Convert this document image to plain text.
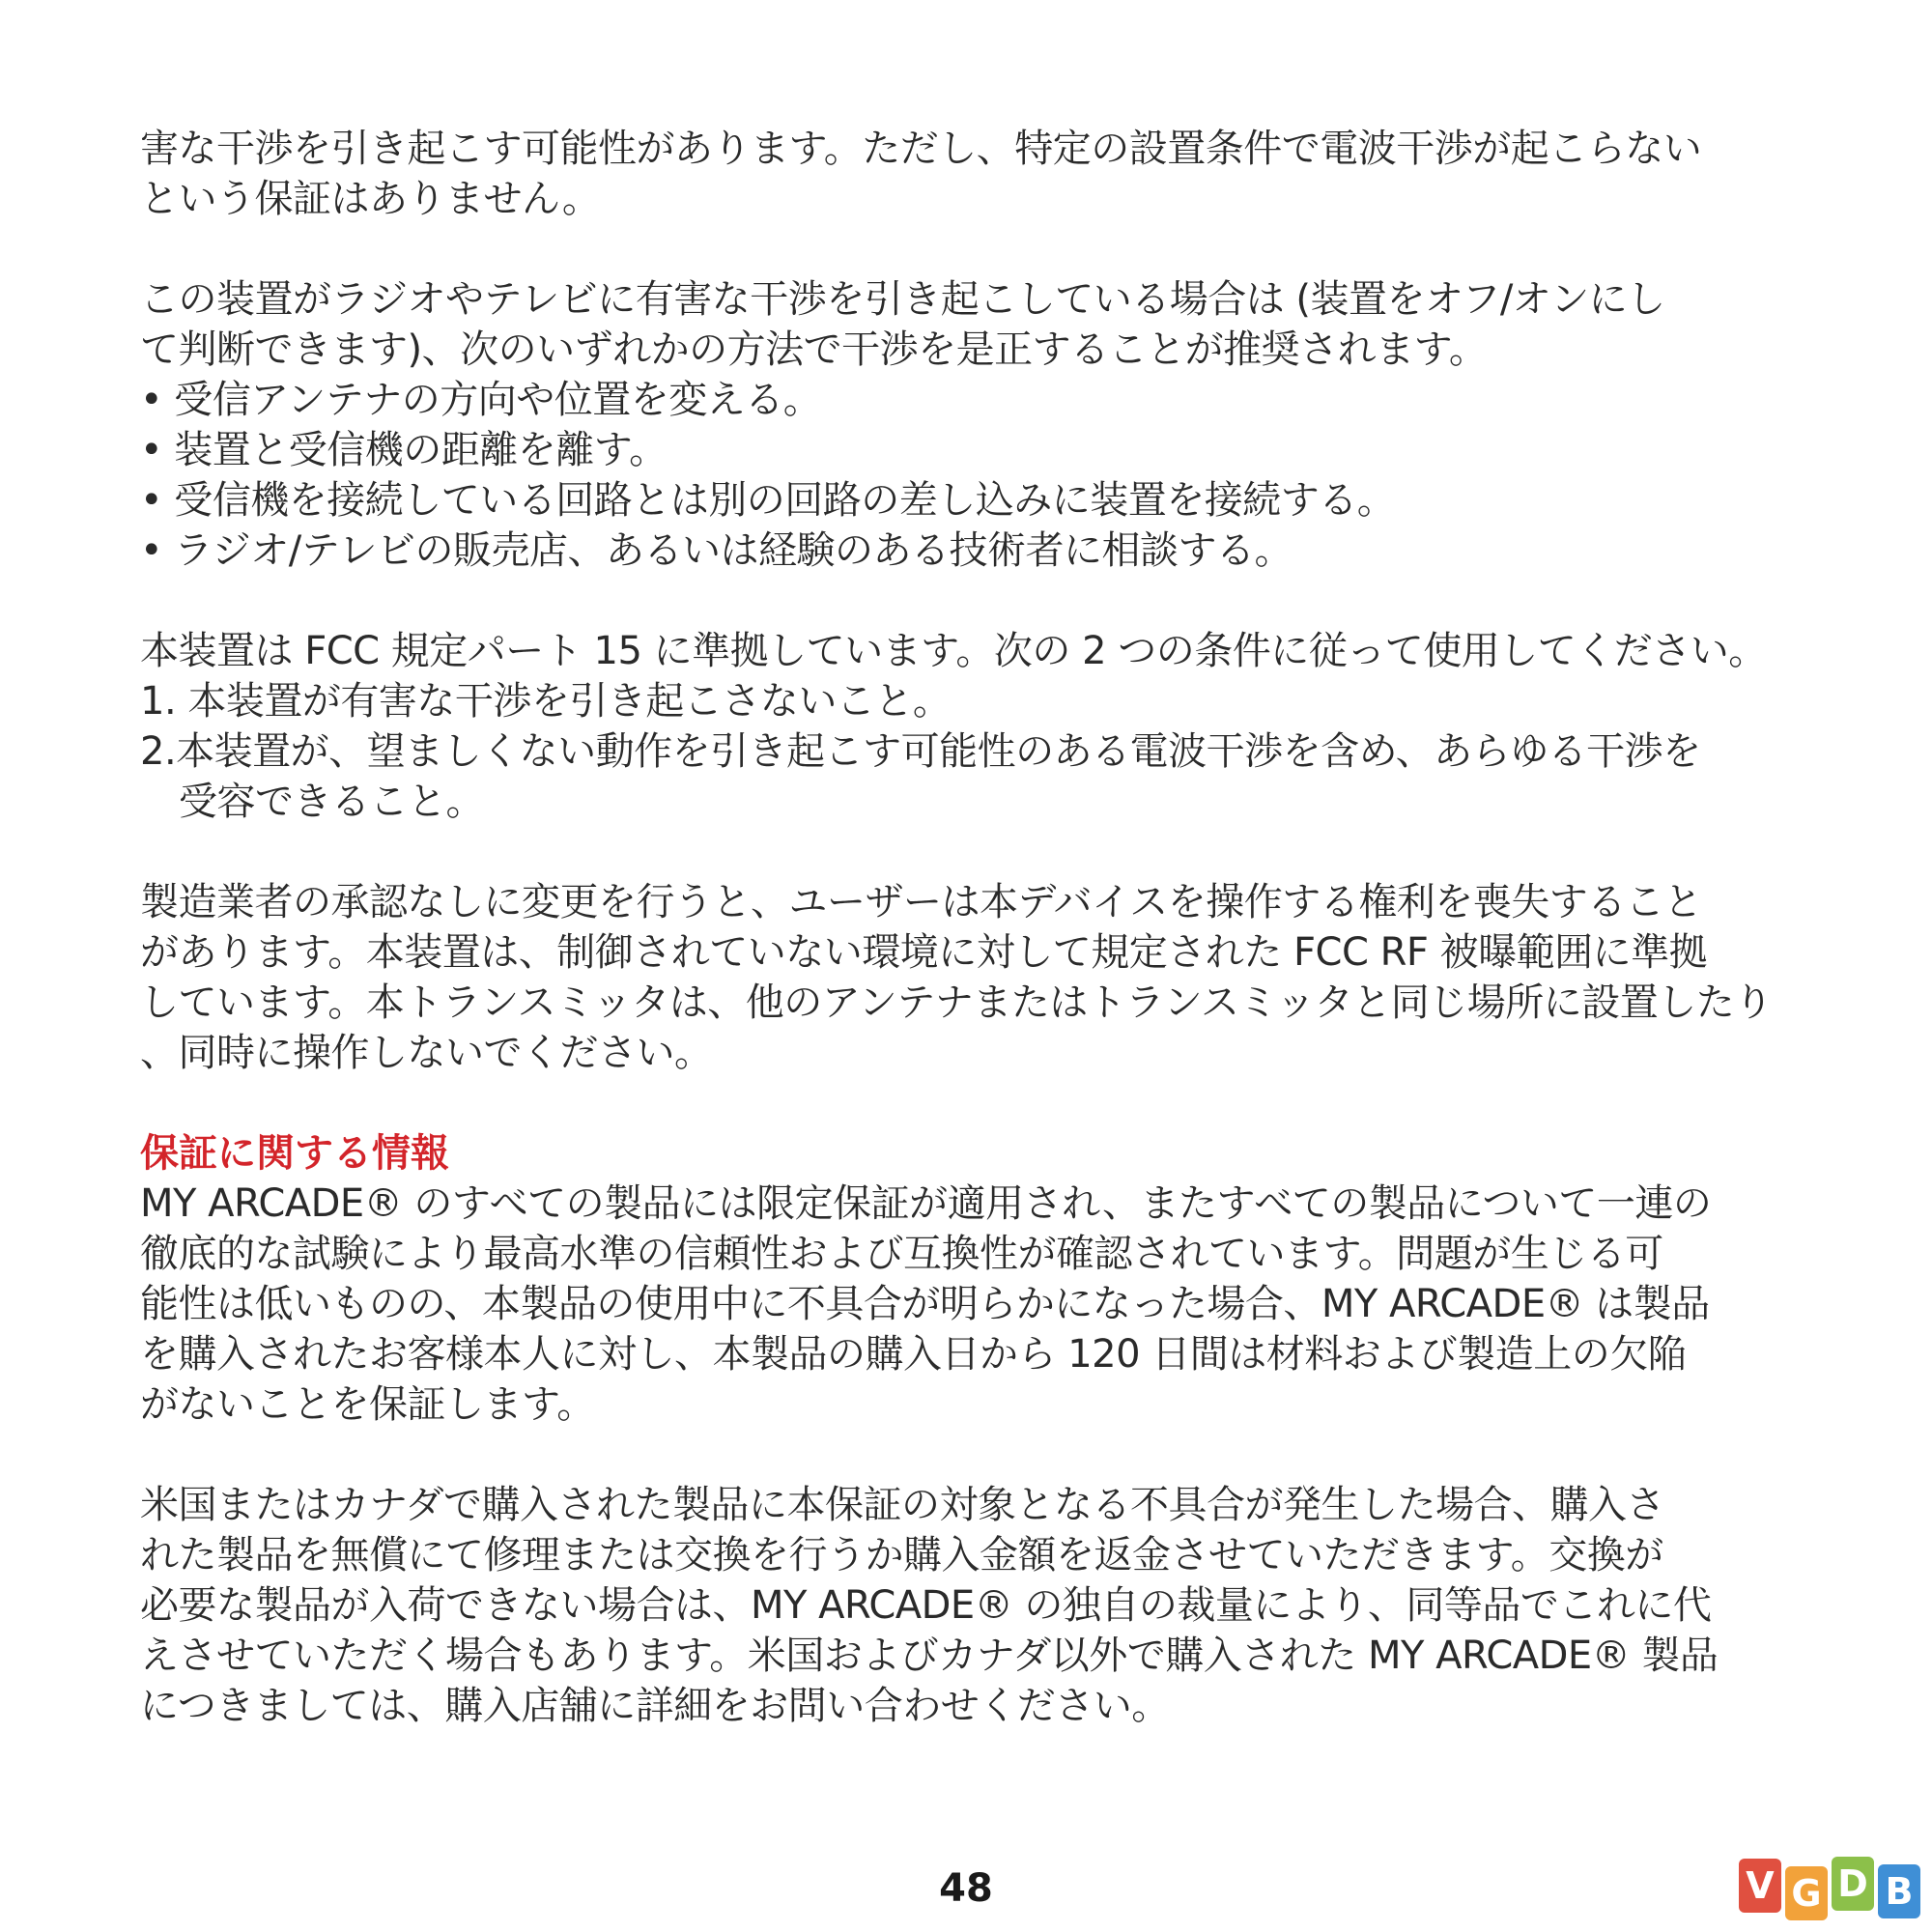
害な干渉を引き起こす可能性があります。ただし、特定の設置条件で電波干渉が起こらない
という保証はありません。
この装置がラジオやテレビに有害な干渉を引き起こしている場合は (装置をオフ/オンにし
て判断できます)、次のいずれかの方法で干渉を是正することが推奨されます。
• 受信アンテナの方向や位置を変える。
• 装置と受信機の距離を離す。
• 受信機を接続している回路とは別の回路の差し込みに装置を接続する。
• ラジオ/テレビの販売店、あるいは経験のある技術者に相談する。
本装置は FCC 規定パート 15 に準拠しています。次の 2 つの条件に従って使用してください。
1. 本装置が有害な干渉を引き起こさないこと。
2.本装置が、望ましくない動作を引き起こす可能性のある電波干渉を含め、あらゆる干渉を
受容できること。
製造業者の承認なしに変更を行うと、ユーザーは本デバイスを操作する権利を喪失すること
があります。本装置は、制御されていない環境に対して規定された FCC RF 被曝範囲に準拠
しています。本トランスミッタは、他のアンテナまたはトランスミッタと同じ場所に設置したり
、同時に操作しないでください。
保証に関する情報
MY ARCADE® のすべての製品には限定保証が適用され、またすべての製品について一連の
徹底的な試験により最高水準の信頼性および互換性が確認されています。問題が生じる可
能性は低いものの、本製品の使用中に不具合が明らかになった場合、MY ARCADE® は製品
を購入されたお客様本人に対し、本製品の購入日から 120 日間は材料および製造上の欠陥
がないことを保証します。
米国またはカナダで購入された製品に本保証の対象となる不具合が発生した場合、購入さ
れた製品を無償にて修理または交換を行うか購入金額を返金させていただきます。交換が
必要な製品が入荷できない場合は、MY ARCADE® の独自の裁量により、同等品でこれに代
えさせていただく場合もあります。米国およびカナダ以外で購入された MY ARCADE® 製品
につきましては、購入店舗に詳細をお問い合わせください。
48	V G D B
